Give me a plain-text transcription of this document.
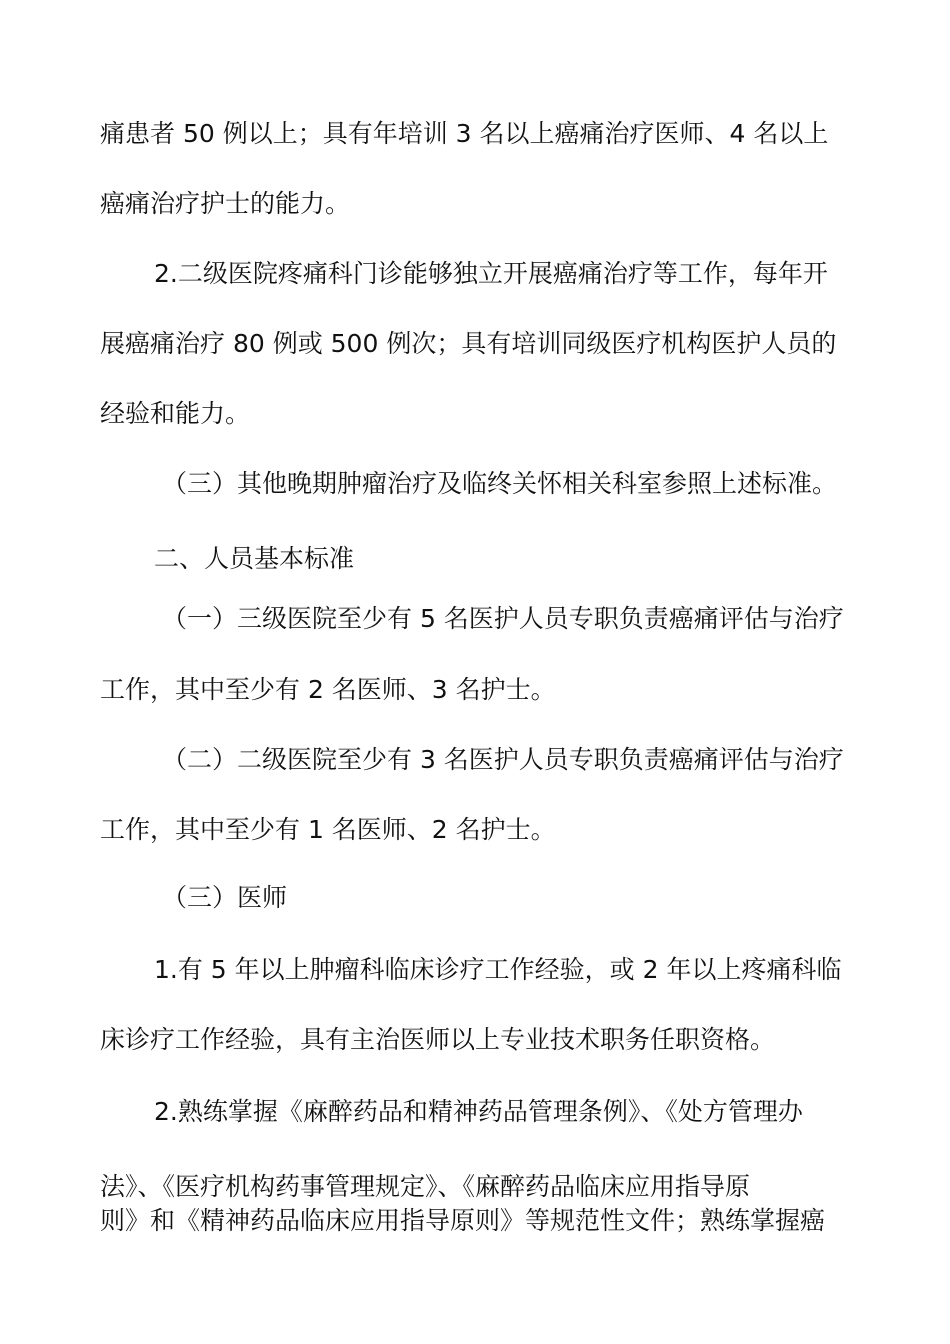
痛患者 50 例以上；具有年培训 3 名以上癌痛治疗医师、4 名以上
癌痛治疗护士的能力。
2.二级医院疼痛科门诊能够独立开展癌痛治疗等工作，每年开
展癌痛治疗 80 例或 500 例次；具有培训同级医疗机构医护人员的
经验和能力。
（三）其他晚期肿瘤治疗及临终关怀相关科室参照上述标准。
二、人员基本标准
（一）三级医院至少有 5 名医护人员专职负责癌痛评估与治疗
工作，其中至少有 2 名医师、3 名护士。
（二）二级医院至少有 3 名医护人员专职负责癌痛评估与治疗
工作，其中至少有 1 名医师、2 名护士。
（三）医师
1.有 5 年以上肿瘤科临床诊疗工作经验，或 2 年以上疼痛科临
床诊疗工作经验，具有主治医师以上专业技术职务任职资格。
2.熟练掌握《麻醉药品和精神药品管理条例》、《处方管理办
法》、《医疗机构药事管理规定》、《麻醉药品临床应用指导原
则》和《精神药品临床应用指导原则》等规范性文件；熟练掌握癌
